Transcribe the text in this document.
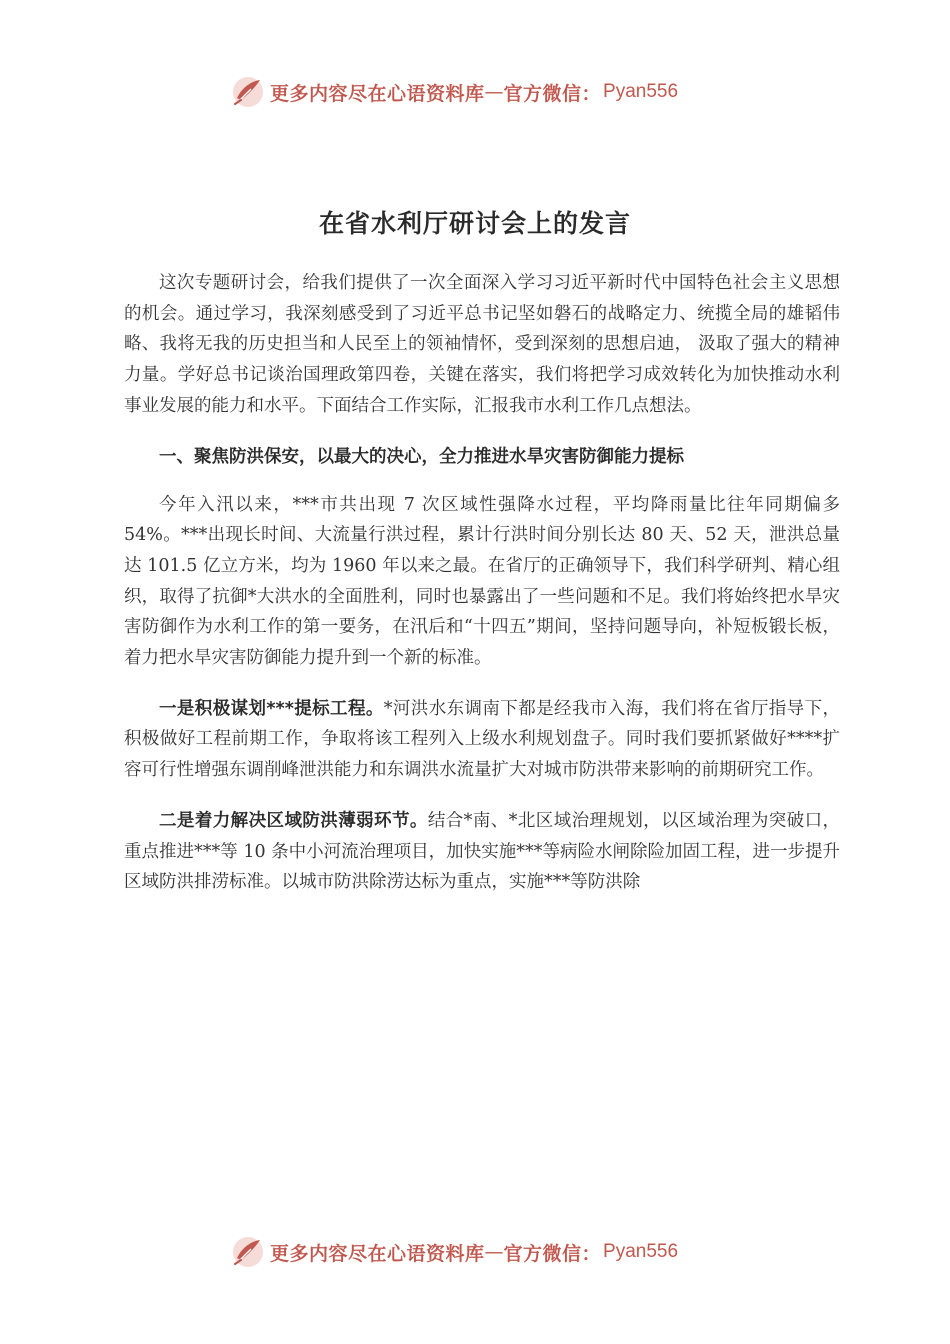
更多内容尽在心语资料库 — 官方微信： Pyan556
在省水利厅研讨会上的发言

这次专题研讨会，给我们提供了一次全面深入学习习近平新时代中国特色社会主义思想的机会。通过学习，我深刻感受到了习近平总书记坚如磐石的战略定力、统揽全局的雄韬伟略、我将无我的历史担当和人民至上的领袖情怀，受到深刻的思想启迪， 汲取了强大的精神力量。学好总书记谈治国理政第四卷，关键在落实，我们将把学习成效转化为加快推动水利事业发展的能力和水平。下面结合工作实际，汇报我市水利工作几点想法。

一、聚焦防洪保安，以最大的决心，全力推进水旱灾害防御能力提标

今年入汛以来，***市共出现 7 次区域性强降水过程，平均降雨量比往年同期偏多 54%。***出现长时间、大流量行洪过程，累计行洪时间分别长达 80 天、52 天，泄洪总量达 101.5 亿立方米，均为 1960 年以来之最。在省厅的正确领导下，我们科学研判、精心组织，取得了抗御*大洪水的全面胜利，同时也暴露出了一些问题和不足。我们将始终把水旱灾害防御作为水利工作的第一要务，在汛后和“十四五”期间，坚持问题导向，补短板锻长板，着力把水旱灾害防御能力提升到一个新的标准。

一是积极谋划***提标工程。*河洪水东调南下都是经我市入海，我们将在省厅指导下，积极做好工程前期工作，争取将该工程列入上级水利规划盘子。同时我们要抓紧做好****扩容可行性增强东调削峰泄洪能力和东调洪水流量扩大对城市防洪带来影响的前期研究工作。

二是着力解决区域防洪薄弱环节。结合*南、*北区域治理规划，以区域治理为突破口，重点推进***等 10 条中小河流治理项目，加快实施***等病险水闸除险加固工程，进一步提升区域防洪排涝标准。以城市防洪除涝达标为重点，实施***等防洪除

更多内容尽在心语资料库 — 官方微信： Pyan556
